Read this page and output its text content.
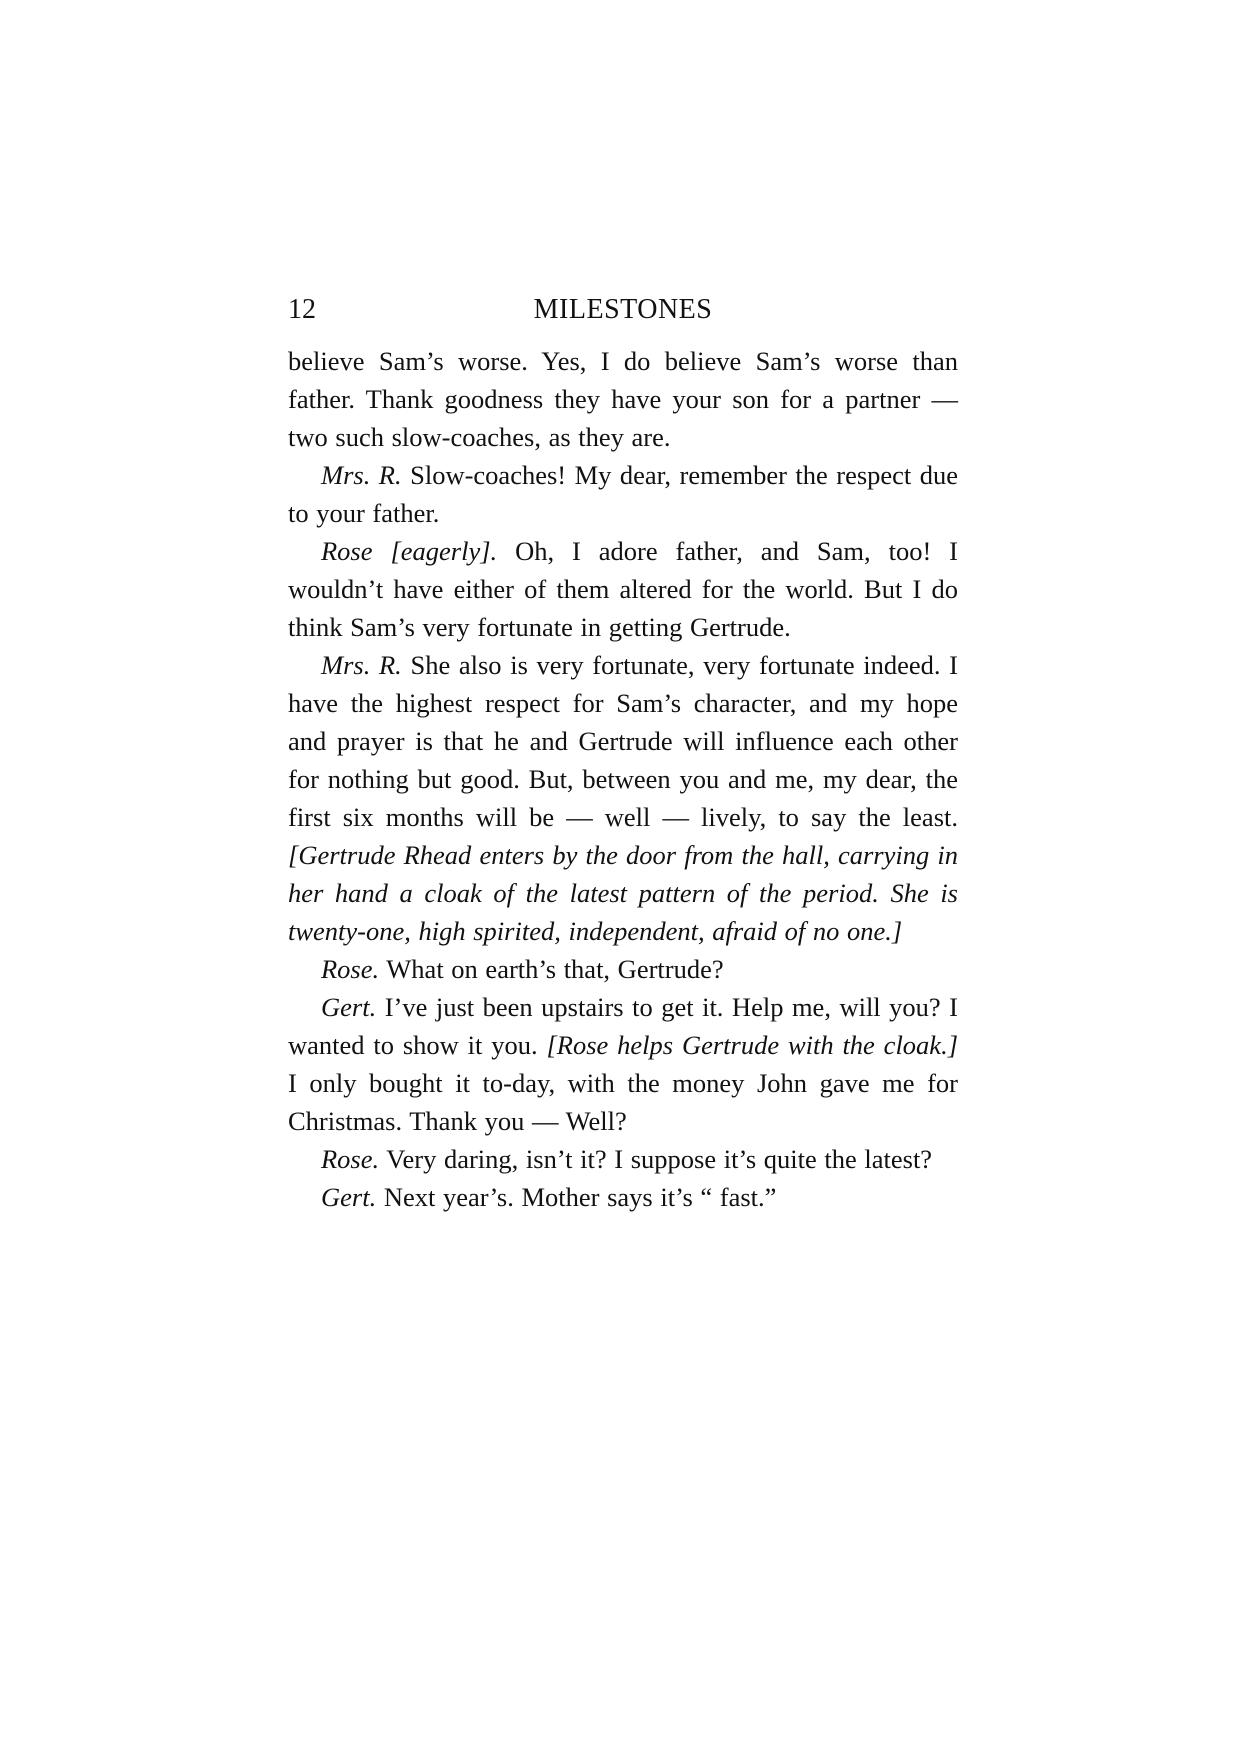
12	MILESTONES

believe Sam’s worse. Yes, I do believe Sam’s worse than father. Thank goodness they have your son for a partner — two such slow-coaches, as they are.

Mrs. R. Slow-coaches! My dear, remember the respect due to your father.

Rose [eagerly]. Oh, I adore father, and Sam, too! I wouldn’t have either of them altered for the world. But I do think Sam’s very fortunate in getting Gertrude.

Mrs. R. She also is very fortunate, very fortunate indeed. I have the highest respect for Sam’s character, and my hope and prayer is that he and Gertrude will influence each other for nothing but good. But, between you and me, my dear, the first six months will be — well — lively, to say the least. [Gertrude Rhead enters by the door from the hall, carrying in her hand a cloak of the latest pattern of the period. She is twenty-one, high spirited, independent, afraid of no one.]

Rose. What on earth’s that, Gertrude?

Gert. I’ve just been upstairs to get it. Help me, will you? I wanted to show it you. [Rose helps Gertrude with the cloak.] I only bought it to-day, with the money John gave me for Christmas. Thank you — Well?

Rose. Very daring, isn’t it? I suppose it’s quite the latest?

Gert. Next year’s. Mother says it’s “ fast.”
